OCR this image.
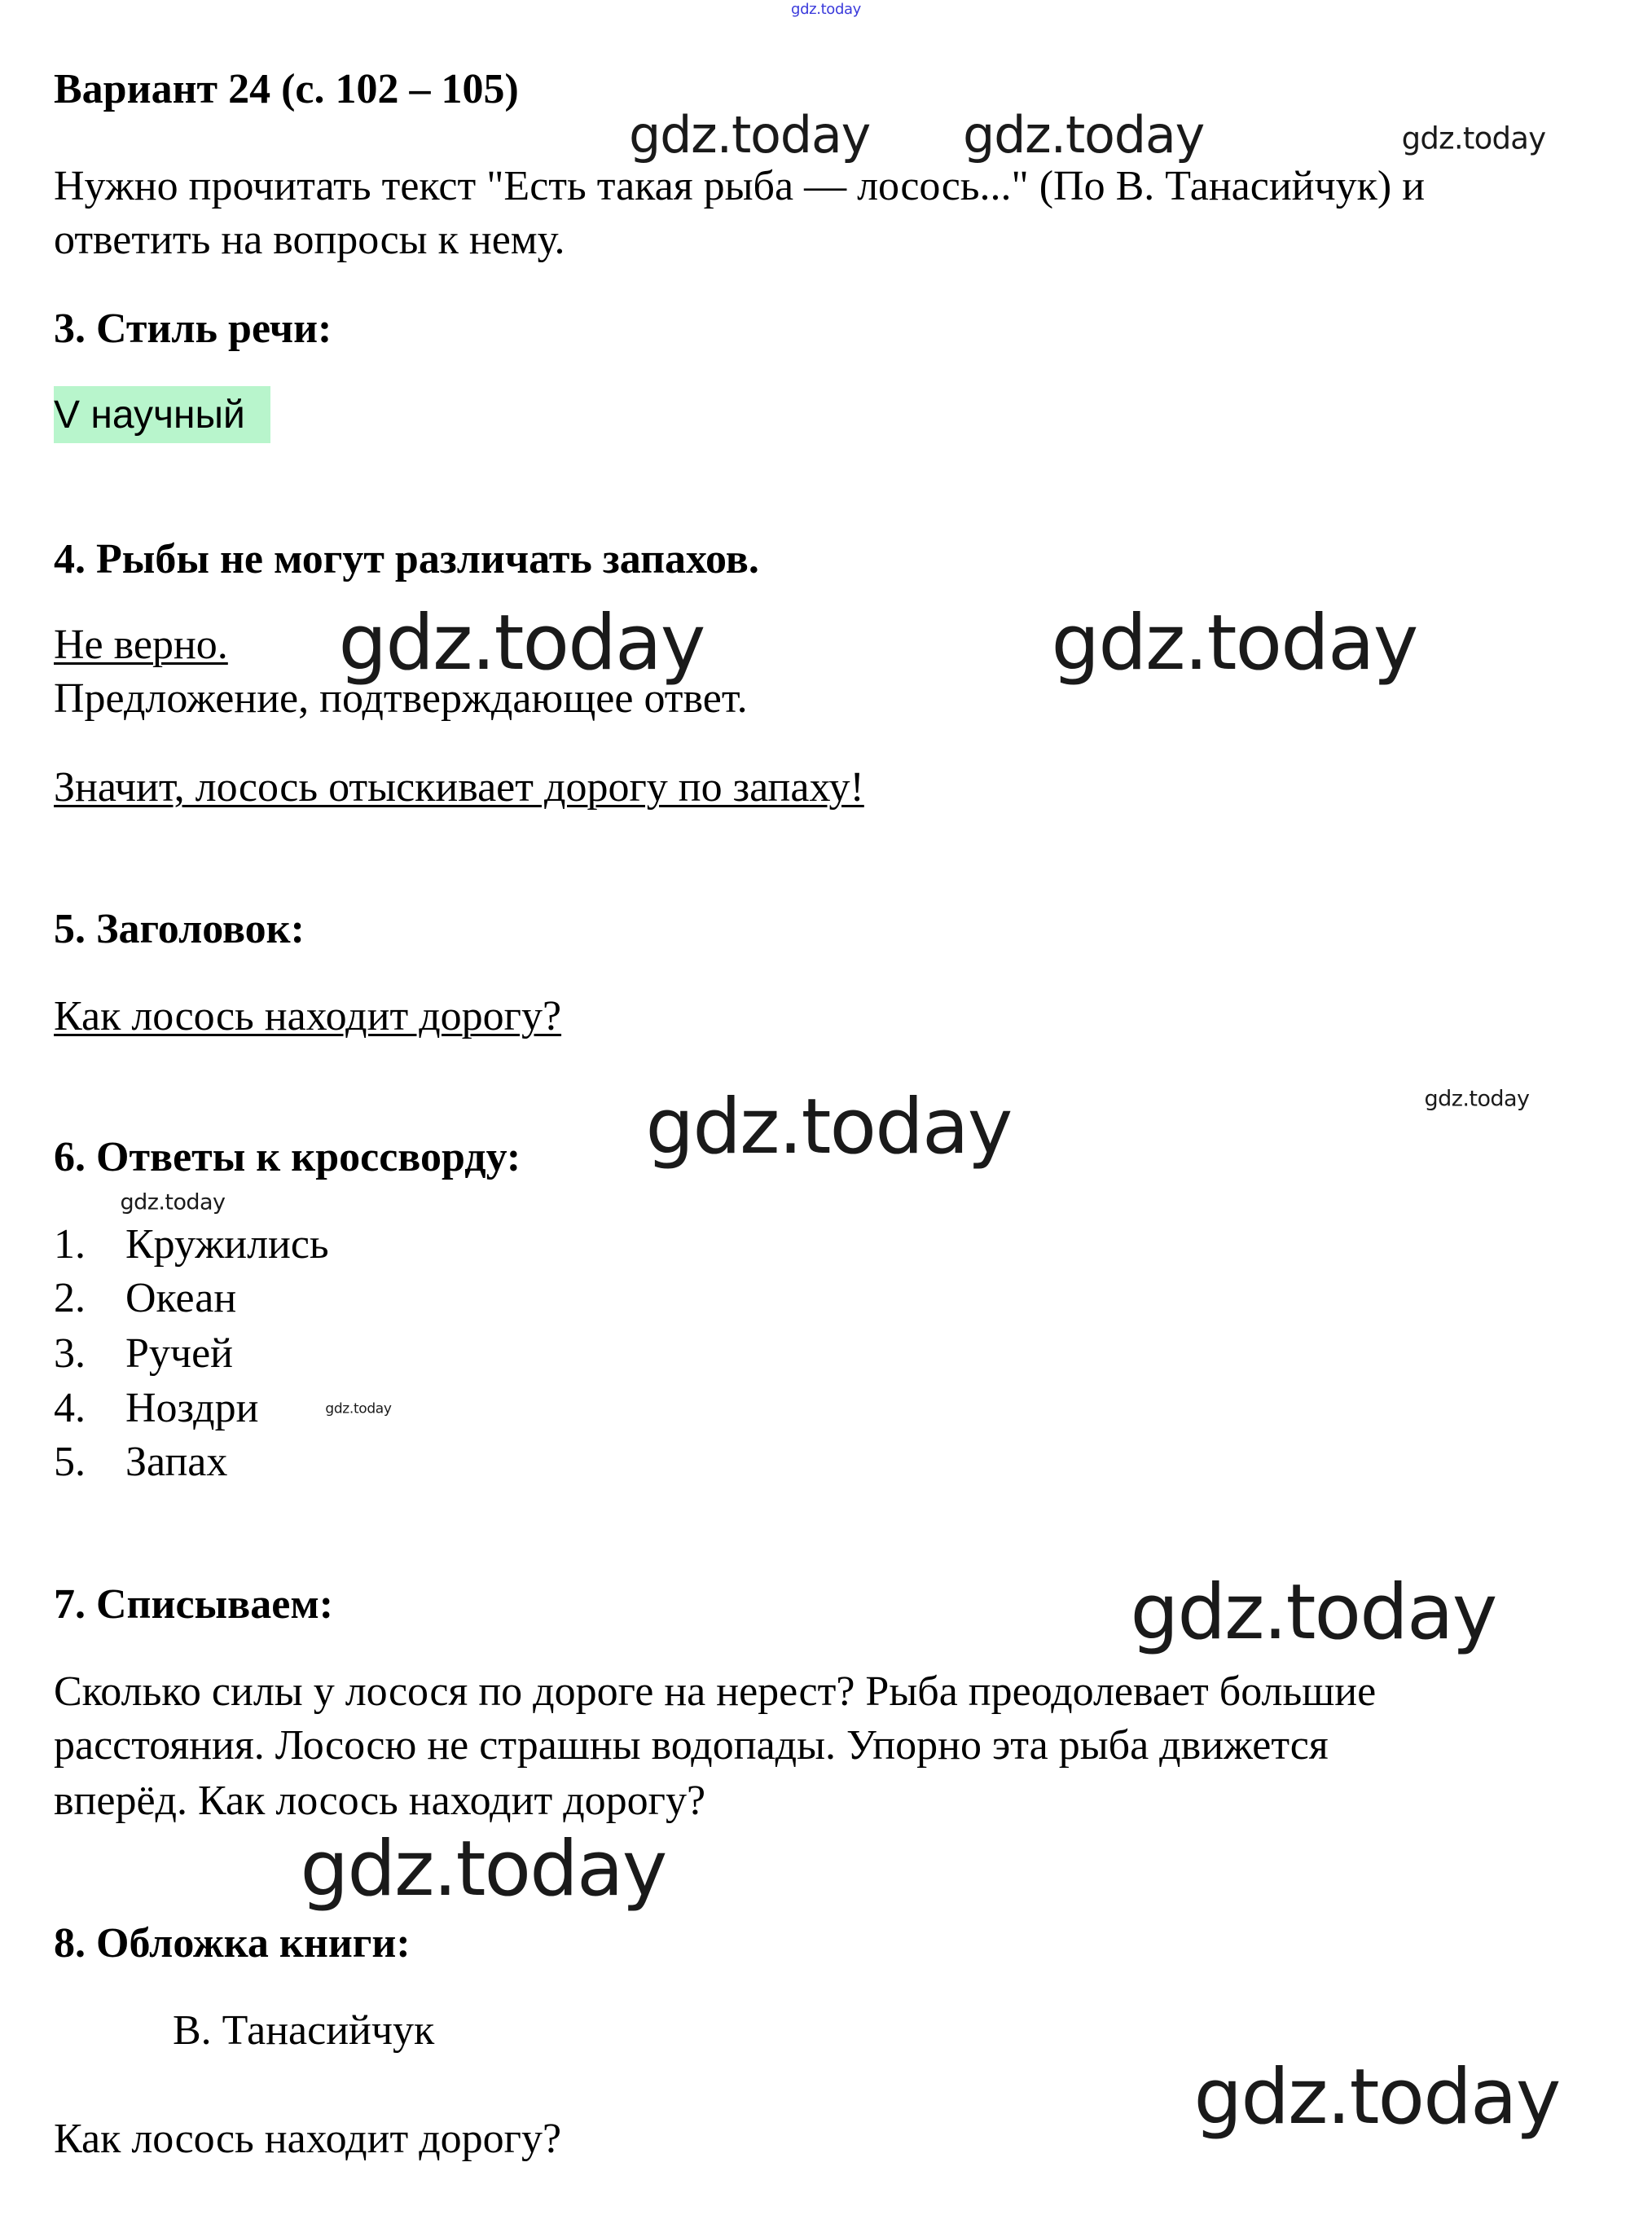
gdz.today
Вариант 24 (с. 102 – 105)
Нужно прочитать текст "Есть такая рыба — лосось..." (По В. Танасийчук) и
ответить на вопросы к нему.
3. Стиль речи:
V научный
4. Рыбы не могут различать запахов.
Не верно.
Предложение, подтверждающее ответ.
Значит, лосось отыскивает дорогу по запаху!
5. Заголовок:
Как лосось находит дорогу?
6. Ответы к кроссворду:
1. Кружились
2. Океан
3. Ручей
4. Ноздри
5. Запах
7. Списываем:
Сколько силы у лосося по дороге на нерест? Рыба преодолевает большие
расстояния. Лососю не страшны водопады. Упорно эта рыба движется
вперёд. Как лосось находит дорогу?
8. Обложка книги:
В. Танасийчук
Как лосось находит дорогу?
gdz.today gdz.today	gdz.today
gdz.today	gdz.today
gdz.today	gdz.today
gdz.today
gdz.today
gdz.today
gdz.today
gdz.today
